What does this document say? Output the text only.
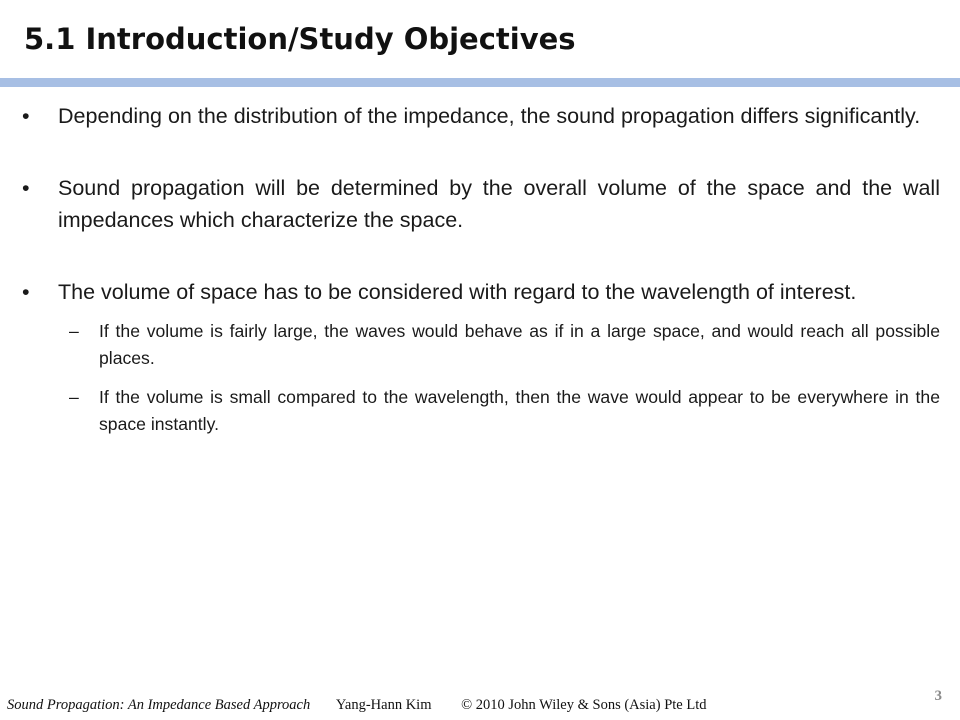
5.1 Introduction/Study Objectives
•	Depending on the distribution of the impedance, the sound propagation differs significantly.
•	Sound propagation will be determined by the overall volume of the space and the wall impedances which characterize the space.
•	The volume of space has to be considered with regard to the wavelength of interest.
– If the volume is fairly large, the waves would behave as if in a large space, and would reach all possible places.
– If the volume is small compared to the wavelength, then the wave would appear to be everywhere in the space instantly.
Sound Propagation: An Impedance Based Approach Yang-Hann Kim © 2010 John Wiley & Sons (Asia) Pte Ltd
3
